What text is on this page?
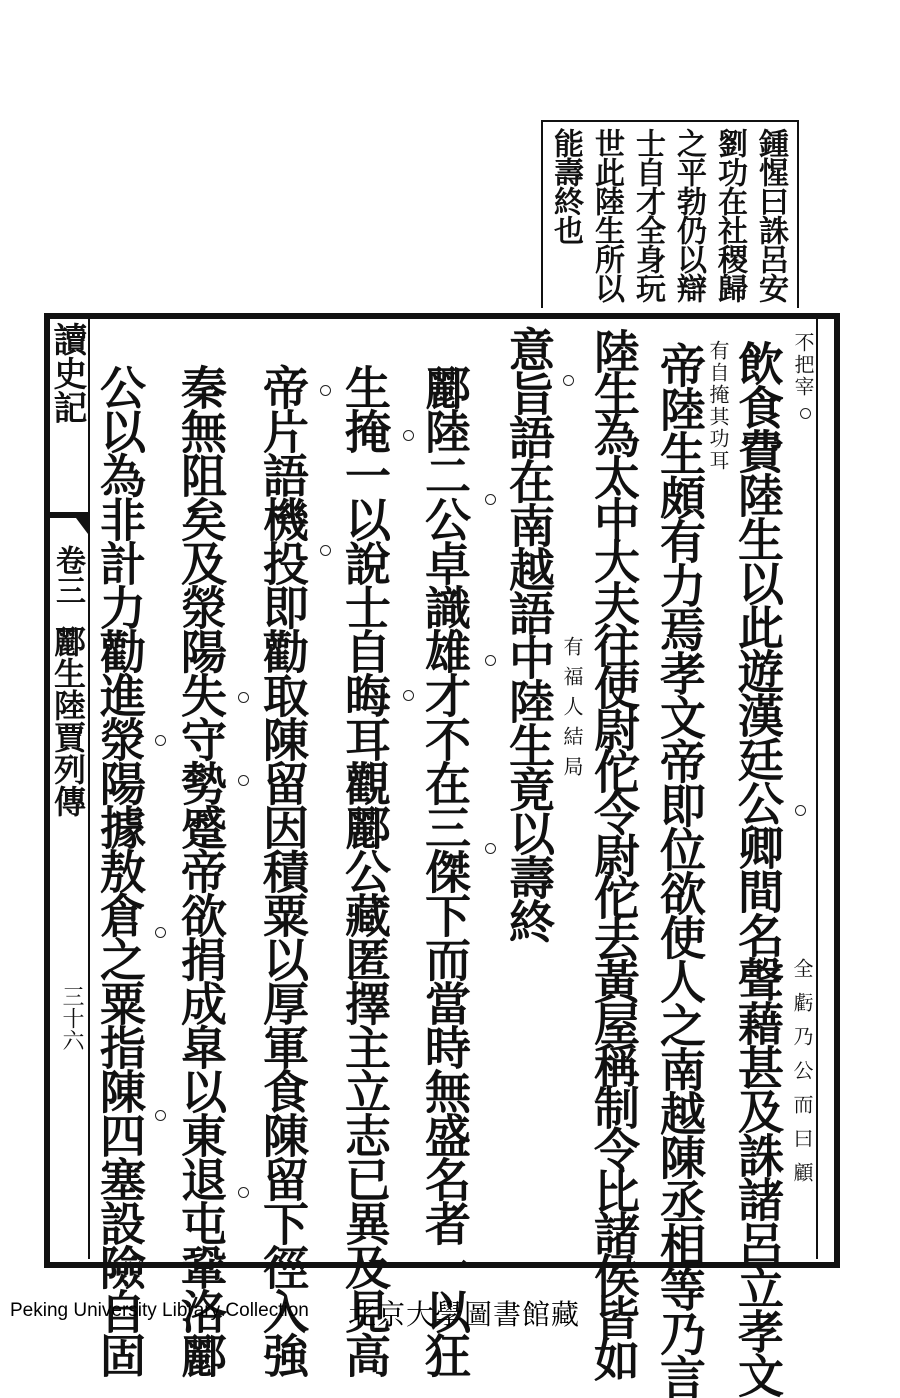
鍾惺曰誅呂安
劉功在社稷歸
之平勃仍以辯
士自才全身玩
世此陸生所以
能壽終也
讀史記
卷三
酈生陸賈列傳
三十六
不把宰
飲食費陸生以此遊漢廷公卿間名聲藉甚及誅諸呂立孝文
有自掩其功耳
帝陸生頗有力焉孝文帝即位欲使人之南越陳丞相等乃言
陸生為太中大夫往使尉佗令尉佗去黃屋稱制令比諸侯皆如
意旨語在南越語中陸生竟以壽終
酈陸二公卓識雄才不在三傑下而當時無盛名者一以狂
生掩一以說士自晦耳觀酈公藏匿擇主立志已異及見高
帝片語機投即勸取陳留因積粟以厚軍食陳留下徑入強
秦無阻矣及滎陽失守勢蹙帝欲捐成皐以東退屯鞏洛酈
公以為非計力勸進滎陽據敖倉之粟指陳四塞設險自固	全虧乃公而曰顧
有福人結局
Peking University Library Collection 北京大學圖書館藏
